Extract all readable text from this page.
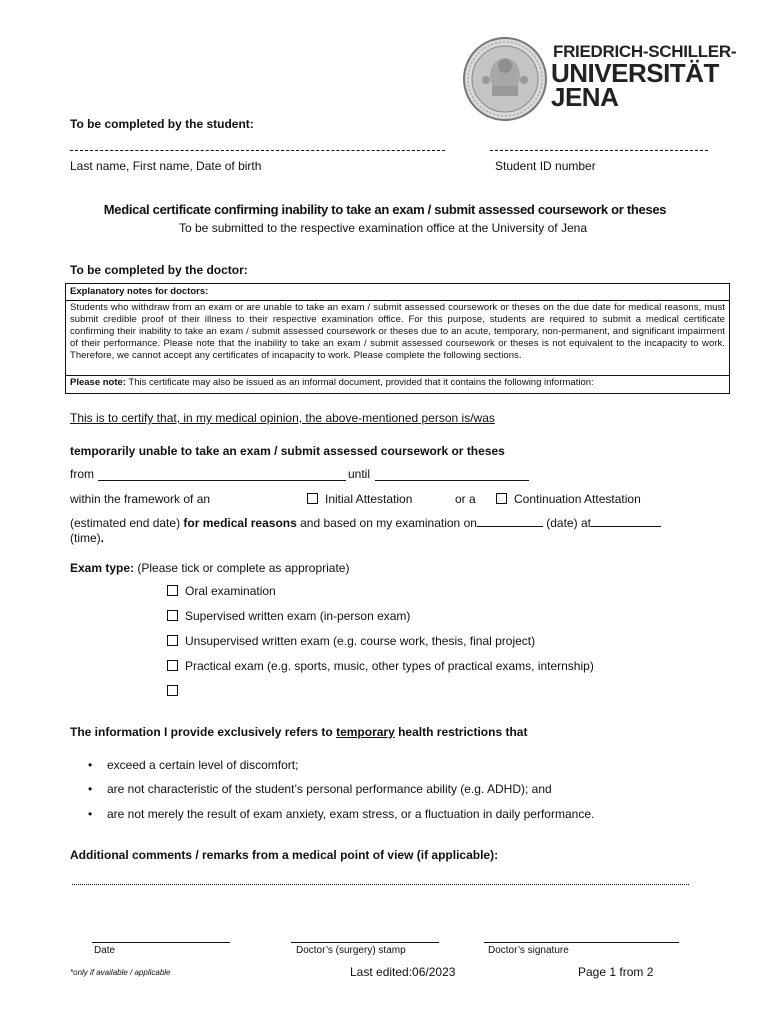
FRIEDRICH-SCHILLER-
UNIVERSITÄT
JENA
To be completed by the student:
Last name, First name, Date of birth	Student ID number
Medical certificate confirming inability to take an exam / submit assessed coursework or theses
To be submitted to the respective examination office at the University of Jena
To be completed by the doctor:
Explanatory notes for doctors:
Students who withdraw from an exam or are unable to take an exam / submit assessed coursework or theses on the due date for medical reasons, must submit credible proof of their illness to their respective examination office. For this purpose, students are required to submit a medical certificate confirming their inability to take an exam / submit assessed coursework or theses due to an acute, temporary, non-permanent, and significant impairment of their performance. Please note that the inability to take an exam / submit assessed coursework or theses is not equivalent to the incapacity to work. Therefore, we cannot accept any certificates of incapacity to work. Please complete the following sections.
Please note: This certificate may also be issued as an informal document, provided that it contains the following information:
This is to certify that, in my medical opinion, the above-mentioned person is/was
temporarily unable to take an exam / submit assessed coursework or theses
from	until
within the framework of an	Initial Attestation	or a	Continuation Attestation
(estimated end date) for medical reasons and based on my examination on	(date) at
(time).
Exam type: (Please tick or complete as appropriate)
Oral examination
Supervised written exam (in-person exam)
Unsupervised written exam (e.g. course work, thesis, final project)
Practical exam (e.g. sports, music, other types of practical exams, internship)
The information I provide exclusively refers to temporary health restrictions that
• exceed a certain level of discomfort;
• are not characteristic of the student’s personal performance ability (e.g. ADHD); and
• are not merely the result of exam anxiety, exam stress, or a fluctuation in daily performance.
Additional comments / remarks from a medical point of view (if applicable):
Date	Doctor’s (surgery) stamp	Doctor’s signature
*only if available / applicable	Last edited:06/2023	Page 1 from 2
